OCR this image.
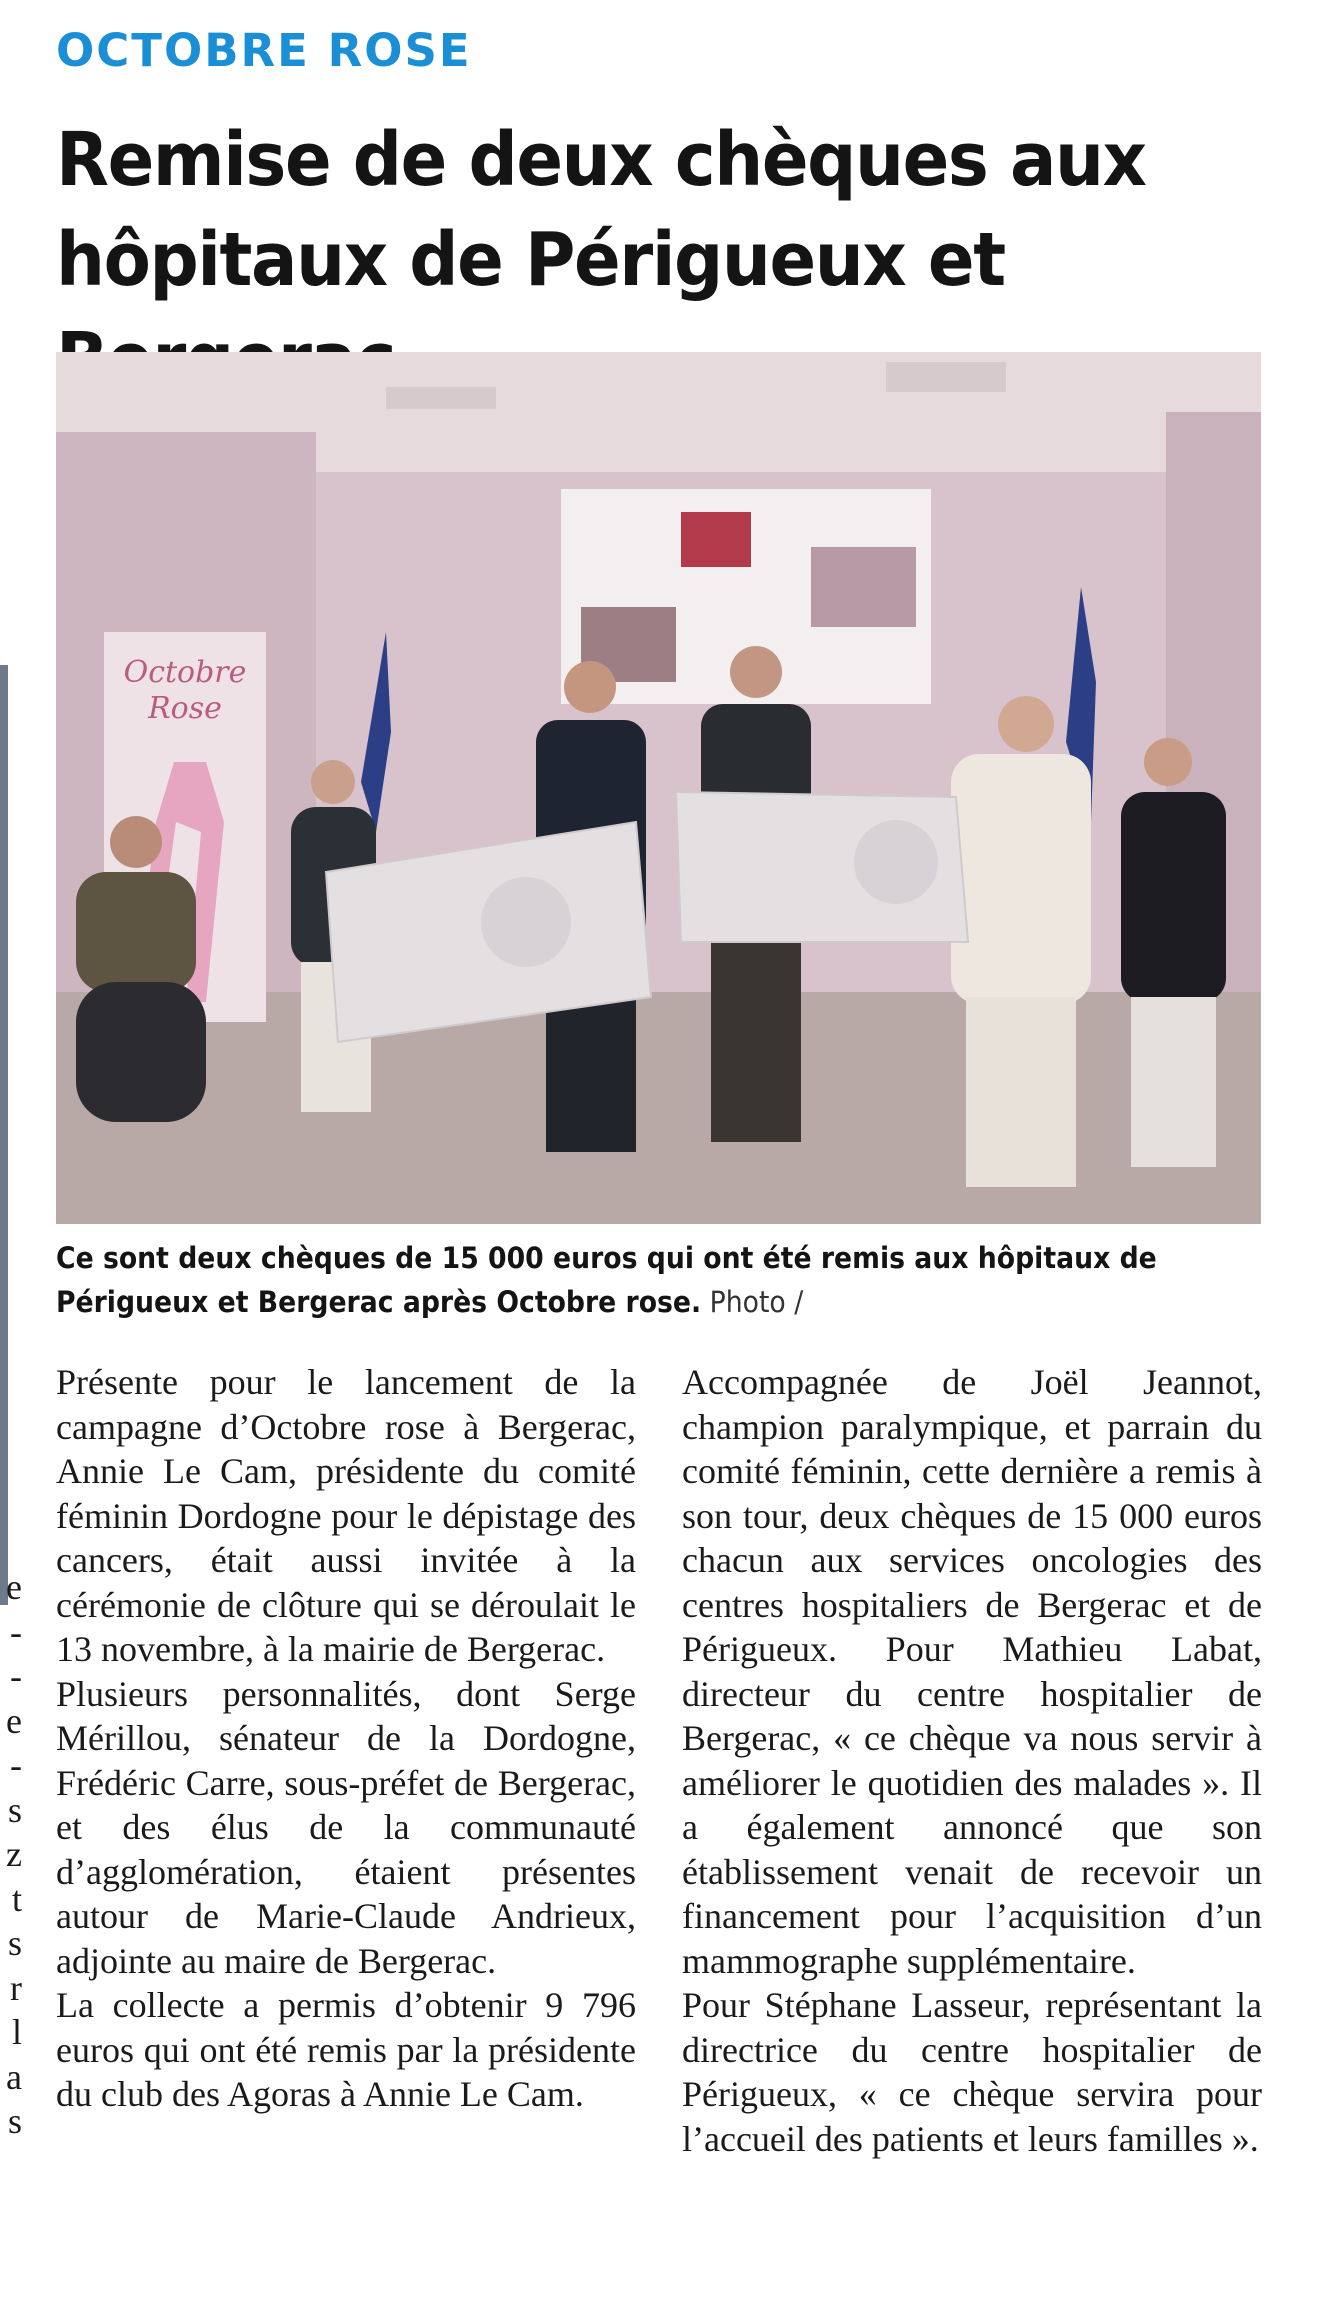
OCTOBRE ROSE
Remise de deux chèques aux hôpitaux de Périgueux et
e
-
-
e
-
s
z
t
s
r
l
a
s
Octobre
Rose
Ce sont deux chèques de 15 000 euros qui ont été remis aux hôpitaux de Périgueux et Bergerac après Octobre rose. Photo /

Présente pour le lancement de la campagne d’Octobre rose à Bergerac, Annie Le Cam, présidente du comité féminin Dordogne pour le dépistage des cancers, était aussi invitée à la cérémonie de clôture qui se déroulait le 13 novembre, à la mairie de Bergerac.

Plusieurs personnalités, dont Serge Mérillou, sénateur de la Dordogne, Frédéric Carre, sous-préfet de Bergerac, et des élus de la communauté d’agglomération, étaient présentes autour de Marie-Claude Andrieux, adjointe au maire de Bergerac.

La collecte a permis d’obtenir 9 796 euros qui ont été remis par la présidente du club des Agoras à Annie Le Cam.

Accompagnée de Joël Jeannot, champion paralympique, et parrain du comité féminin, cette dernière a remis à son tour, deux chèques de 15 000 euros chacun aux services oncologies des centres hospitaliers de Bergerac et de Périgueux. Pour Mathieu Labat, directeur du centre hospitalier de Bergerac, « ce chèque va nous servir à améliorer le quotidien des malades ». Il a également annoncé que son établissement venait de recevoir un financement pour l’acquisition d’un mammographe supplémentaire.

Pour Stéphane Lasseur, représentant la directrice du centre hospitalier de Périgueux, « ce chèque servira pour l’accueil des patients et leurs familles ».
